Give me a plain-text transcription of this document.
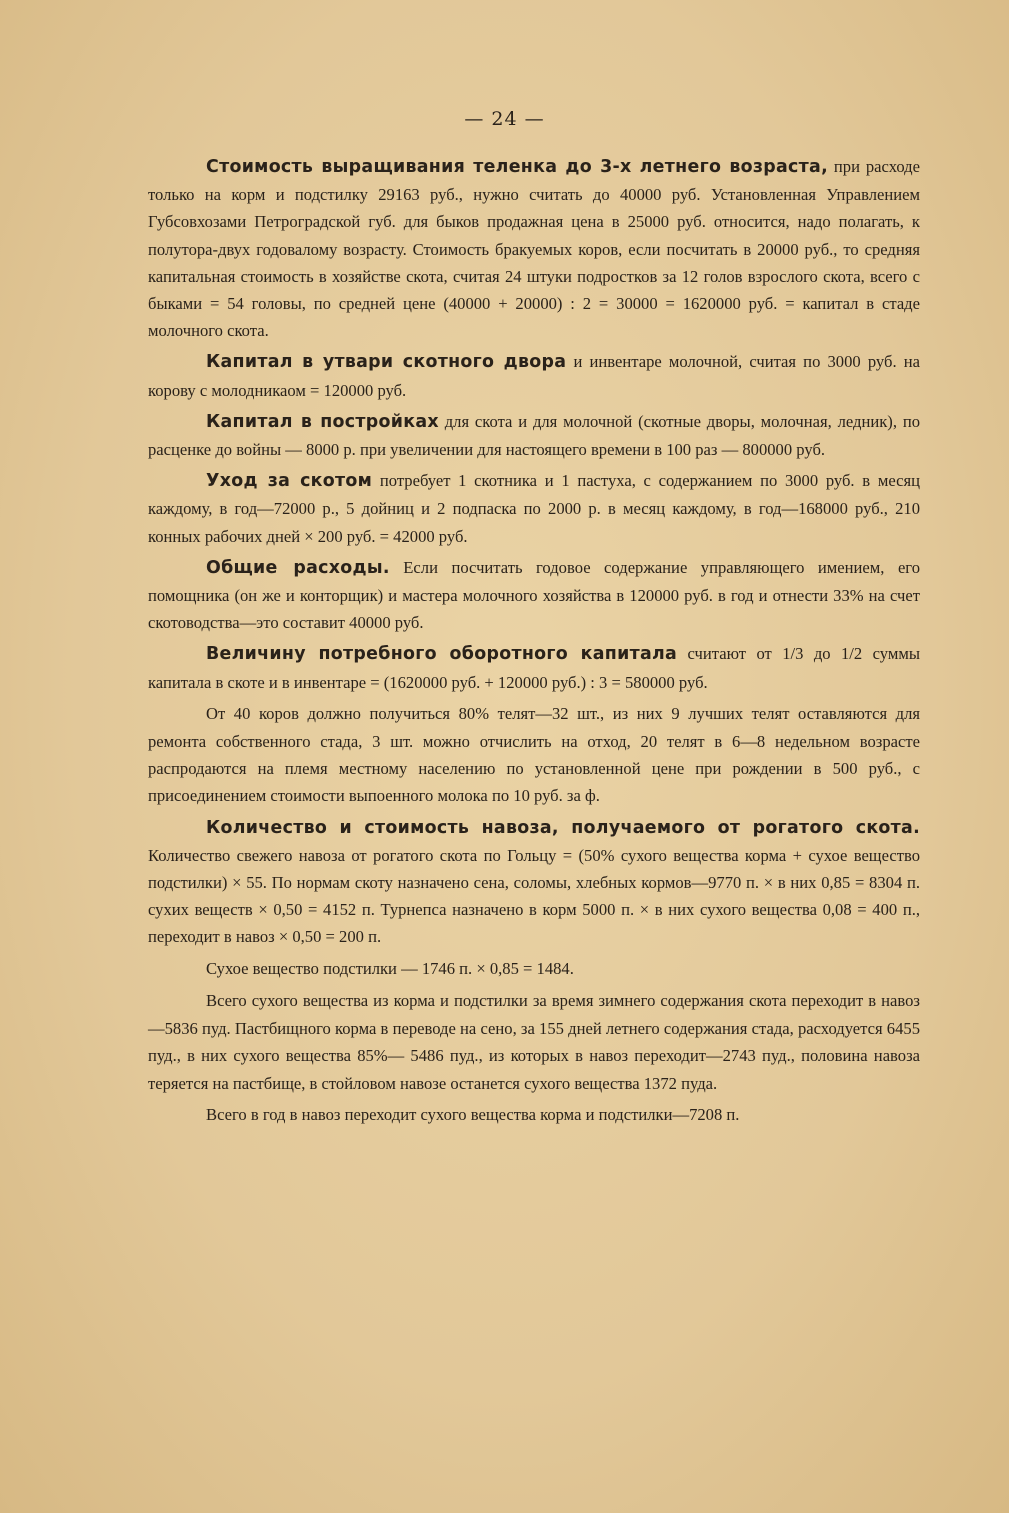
— 24 —

Стоимость выращивания теленка до 3-х летнего возраста, при расходе только на корм и подстилку 29163 руб., нужно считать до 40000 руб. Установленная Управлением Губсовхозами Петроградской губ. для быков продажная цена в 25000 руб. относится, надо полагать, к полутора-двух годовалому возрасту. Стоимость бракуемых коров, если посчитать в 20000 руб., то средняя капитальная стоимость в хозяйстве скота, считая 24 штуки подростков за 12 голов взрослого скота, всего с быками = 54 головы, по средней цене (40000 + 20000) : 2 = 30000 = 1620000 руб. = капитал в стаде молочного скота.

Капитал в утвари скотного двора и инвентаре молочной, считая по 3000 руб. на корову с молодникаом = 120000 руб.

Капитал в постройках для скота и для молочной (скотные дворы, молочная, ледник), по расценке до войны — 8000 р. при увеличении для настоящего времени в 100 раз — 800000 руб.

Уход за скотом потребует 1 скотника и 1 пастуха, с содержанием по 3000 руб. в месяц каждому, в год—72000 р., 5 дойниц и 2 подпаска по 2000 р. в месяц каждому, в год—168000 руб., 210 конных рабочих дней × 200 руб. = 42000 руб.

Общие расходы. Если посчитать годовое содержание управляющего имением, его помощника (он же и конторщик) и мастера молочного хозяйства в 120000 руб. в год и отнести 33% на счет скотоводства—это составит 40000 руб.

Величину потребного оборотного капитала считают от 1/3 до 1/2 суммы капитала в скоте и в инвентаре = (1620000 руб. + 120000 руб.) : 3 = 580000 руб.

От 40 коров должно получиться 80% телят—32 шт., из них 9 лучших телят оставляются для ремонта собственного стада, 3 шт. можно отчислить на отход, 20 телят в 6—8 недельном возрасте распродаются на племя местному населению по установленной цене при рождении в 500 руб., с присоединением стоимости выпоенного молока по 10 руб. за ф.

Количество и стоимость навоза, получаемого от рогатого скота. Количество свежего навоза от рогатого скота по Гольцу = (50% сухого вещества корма + сухое вещество подстилки) × 55. По нормам скоту назначено сена, соломы, хлебных кормов—9770 п. × в них 0,85 = 8304 п. сухих веществ × 0,50 = 4152 п. Турнепса назначено в корм 5000 п. × в них сухого вещества 0,08 = 400 п., переходит в навоз × 0,50 = 200 п.

Сухое вещество подстилки — 1746 п. × 0,85 = 1484.

Всего сухого вещества из корма и подстилки за время зимнего содержания скота переходит в навоз—5836 пуд. Пастбищного корма в переводе на сено, за 155 дней летнего содержания стада, расходуется 6455 пуд., в них сухого вещества 85%— 5486 пуд., из которых в навоз переходит—2743 пуд., половина навоза теряется на пастбище, в стойловом навозе останется сухого вещества 1372 пуда.

Всего в год в навоз переходит сухого вещества корма и подстилки—7208 п.
